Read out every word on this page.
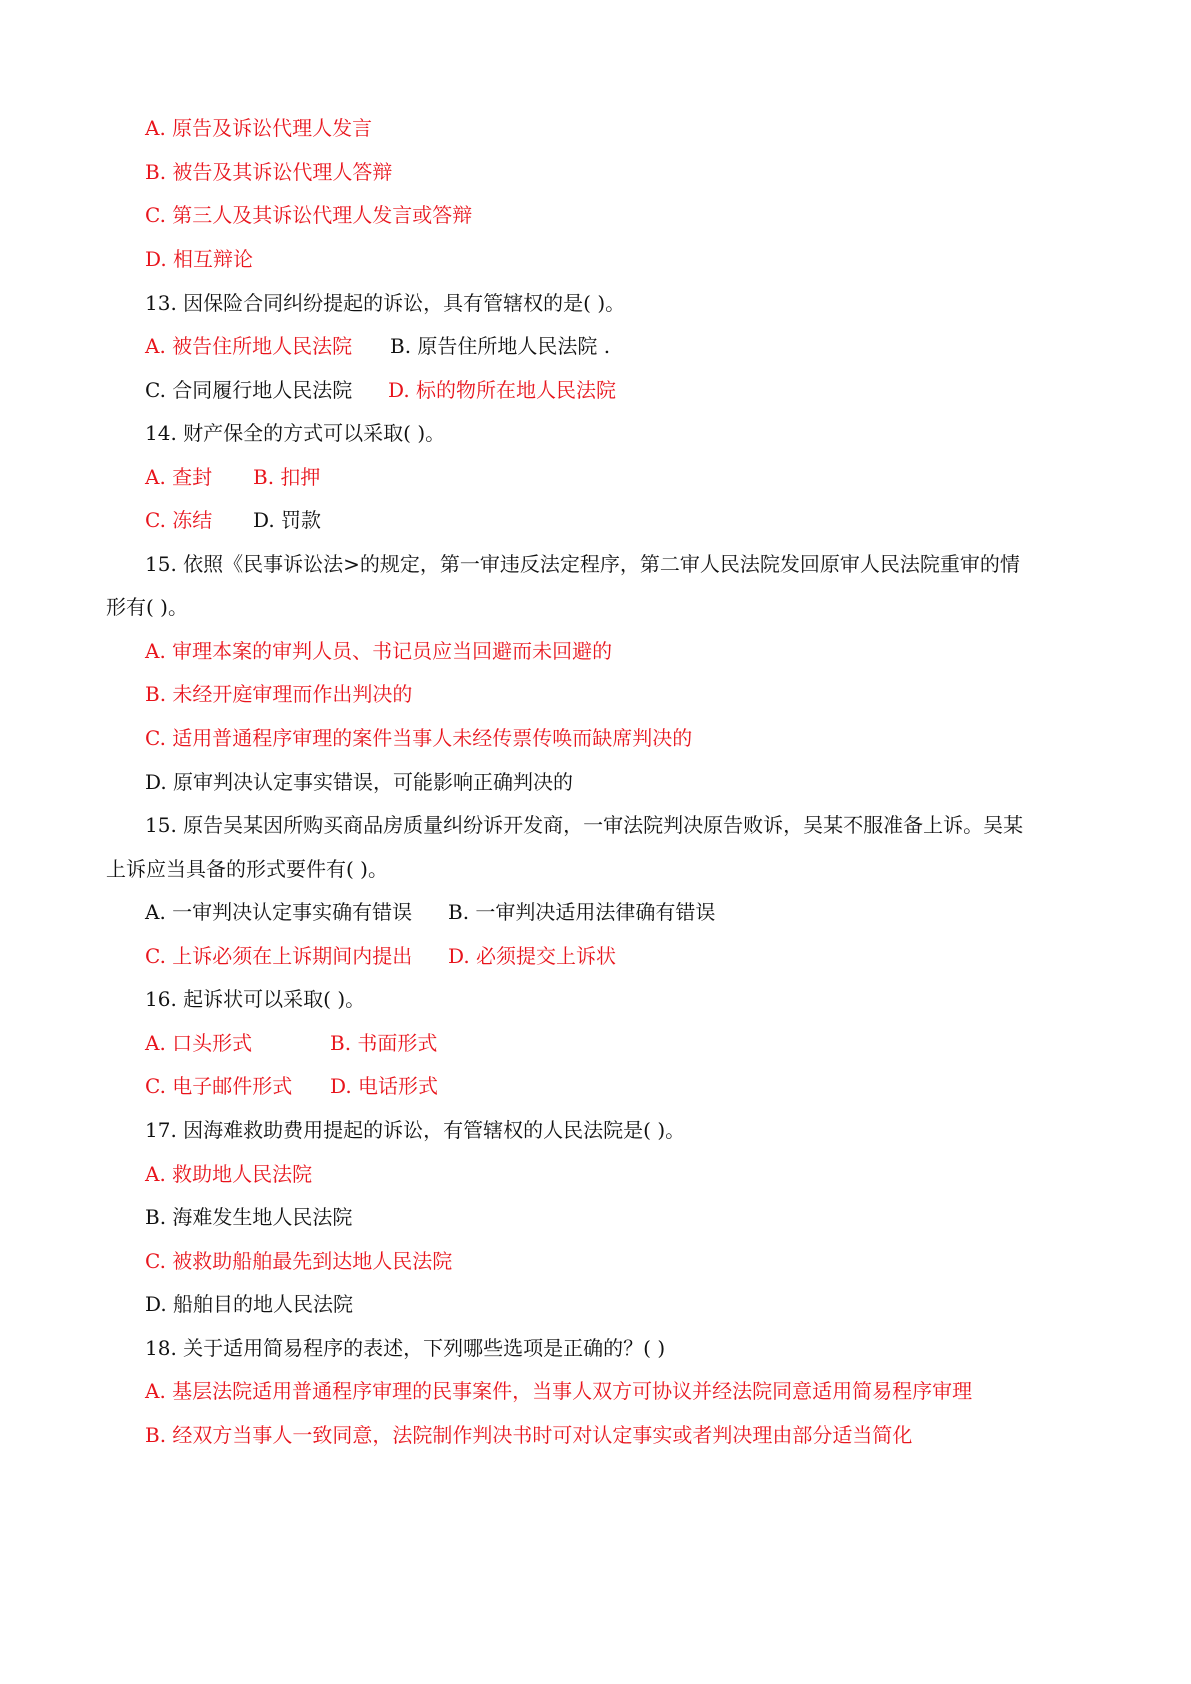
A. 原告及诉讼代理人发言
B. 被告及其诉讼代理人答辩
C. 第三人及其诉讼代理人发言或答辩
D. 相互辩论
13. 因保险合同纠纷提起的诉讼，具有管辖权的是( )。
A. 被告住所地人民法院 B. 原告住所地人民法院 .
C. 合同履行地人民法院 D. 标的物所在地人民法院
14. 财产保全的方式可以采取( )。
A. 查封 B. 扣押
C. 冻结 D. 罚款
15. 依照《民事诉讼法>的规定，第一审违反法定程序，第二审人民法院发回原审人民法院重审的情
形有( )。
A. 审理本案的审判人员、书记员应当回避而未回避的
B. 未经开庭审理而作出判决的
C. 适用普通程序审理的案件当事人未经传票传唤而缺席判决的
D. 原审判决认定事实错误，可能影响正确判决的
15. 原告吴某因所购买商品房质量纠纷诉开发商，一审法院判决原告败诉，吴某不服准备上诉。吴某
上诉应当具备的形式要件有( )。
A. 一审判决认定事实确有错误 B. 一审判决适用法律确有错误
C. 上诉必须在上诉期间内提出 D. 必须提交上诉状
16. 起诉状可以采取( )。
A. 口头形式	B. 书面形式
C. 电子邮件形式 D. 电话形式
17. 因海难救助费用提起的诉讼，有管辖权的人民法院是( )。
A. 救助地人民法院
B. 海难发生地人民法院
C. 被救助船舶最先到达地人民法院
D. 船舶目的地人民法院
18. 关于适用简易程序的表述，下列哪些选项是正确的？( )
A. 基层法院适用普通程序审理的民事案件，当事人双方可协议并经法院同意适用简易程序审理
B. 经双方当事人一致同意，法院制作判决书时可对认定事实或者判决理由部分适当简化
